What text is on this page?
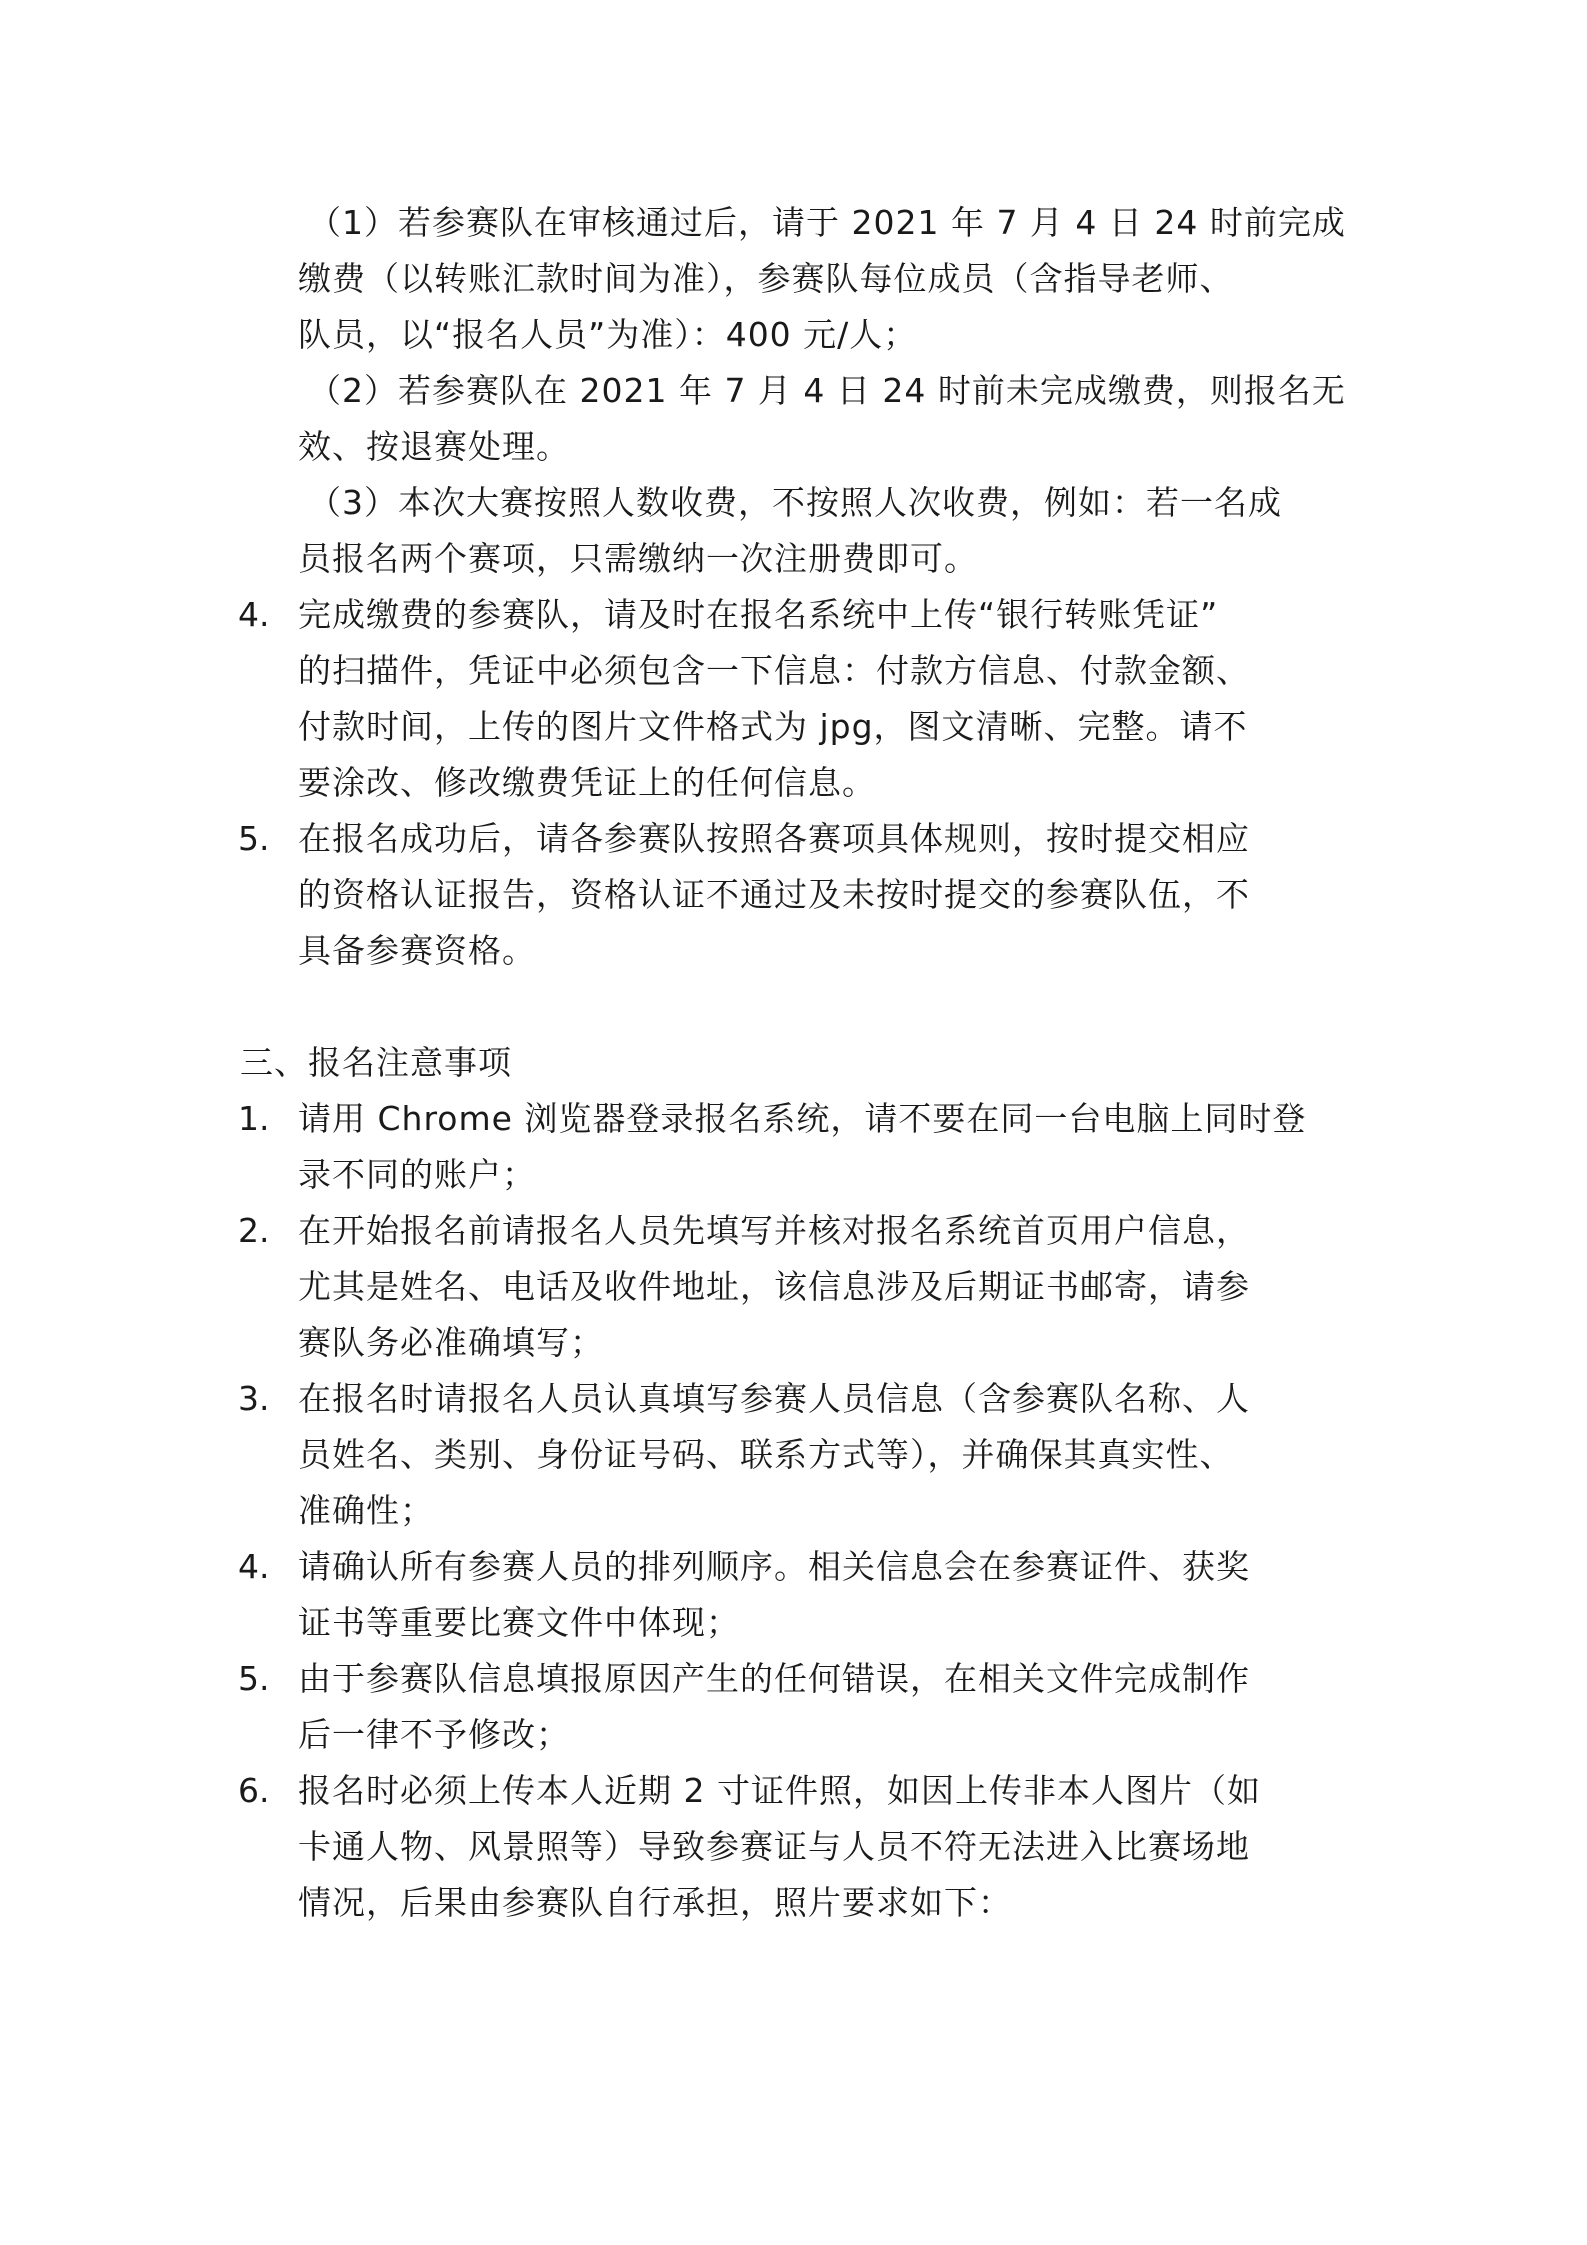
（1）若参赛队在审核通过后，请于 2021 年 7 月 4 日 24 时前完成
缴费（以转账汇款时间为准），参赛队每位成员（含指导老师、
队员，以“报名人员”为准）：400 元/人；
（2）若参赛队在 2021 年 7 月 4 日 24 时前未完成缴费，则报名无
效、按退赛处理。
（3）本次大赛按照人数收费，不按照人次收费，例如：若一名成
员报名两个赛项，只需缴纳一次注册费即可。
4. 完成缴费的参赛队，请及时在报名系统中上传“银行转账凭证”
的扫描件，凭证中必须包含一下信息：付款方信息、付款金额、
付款时间，上传的图片文件格式为 jpg，图文清晰、完整。请不
要涂改、修改缴费凭证上的任何信息。
5. 在报名成功后，请各参赛队按照各赛项具体规则，按时提交相应
的资格认证报告，资格认证不通过及未按时提交的参赛队伍，不
具备参赛资格。
三、报名注意事项
1. 请用 Chrome 浏览器登录报名系统，请不要在同一台电脑上同时登
录不同的账户；
2. 在开始报名前请报名人员先填写并核对报名系统首页用户信息，
尤其是姓名、电话及收件地址，该信息涉及后期证书邮寄，请参
赛队务必准确填写；
3. 在报名时请报名人员认真填写参赛人员信息（含参赛队名称、人
员姓名、类别、身份证号码、联系方式等），并确保其真实性、
准确性；
4. 请确认所有参赛人员的排列顺序。相关信息会在参赛证件、获奖
证书等重要比赛文件中体现；
5. 由于参赛队信息填报原因产生的任何错误，在相关文件完成制作
后一律不予修改；
6. 报名时必须上传本人近期 2 寸证件照，如因上传非本人图片（如
卡通人物、风景照等）导致参赛证与人员不符无法进入比赛场地
情况，后果由参赛队自行承担，照片要求如下：
